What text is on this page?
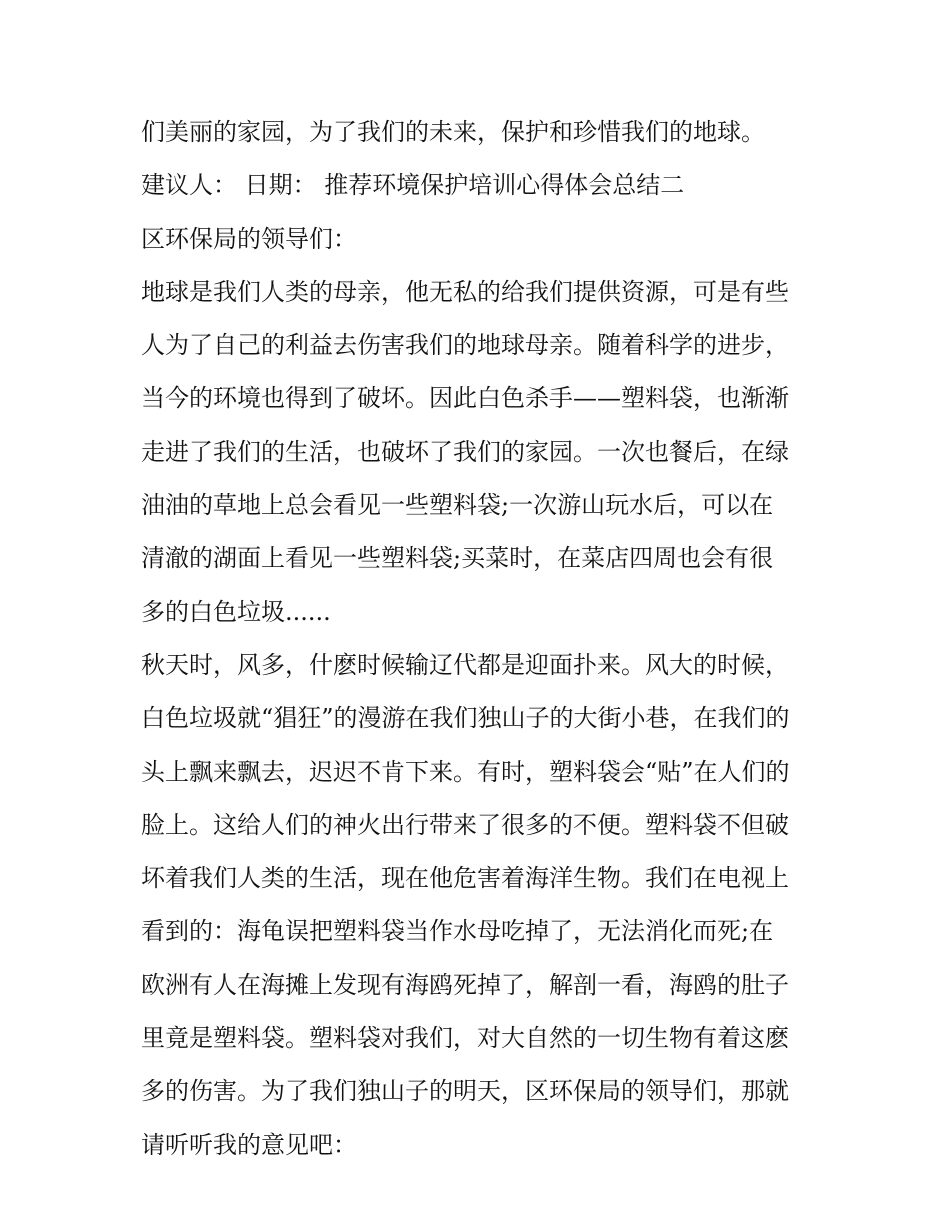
们美丽的家园，为了我们的未来，保护和珍惜我们的地球。
建议人： 日期： 推荐环境保护培训心得体会总结二
区环保局的领导们：
地球是我们人类的母亲，他无私的给我们提供资源，可是有些
人为了自己的利益去伤害我们的地球母亲。随着科学的进步，
当今的环境也得到了破坏。因此白色杀手——塑料袋，也渐渐
走进了我们的生活，也破坏了我们的家园。一次也餐后，在绿
油油的草地上总会看见一些塑料袋;一次游山玩水后，可以在
清澈的湖面上看见一些塑料袋;买菜时，在菜店四周也会有很
多的白色垃圾......
秋天时，风多，什麽时候输辽代都是迎面扑来。风大的时候，
白色垃圾就“猖狂”的漫游在我们独山子的大街小巷，在我们的
头上飘来飘去，迟迟不肯下来。有时，塑料袋会“贴”在人们的
脸上。这给人们的神火出行带来了很多的不便。塑料袋不但破
坏着我们人类的生活，现在他危害着海洋生物。我们在电视上
看到的：海龟误把塑料袋当作水母吃掉了，无法消化而死;在
欧洲有人在海摊上发现有海鸥死掉了，解剖一看，海鸥的肚子
里竟是塑料袋。塑料袋对我们，对大自然的一切生物有着这麽
多的伤害。为了我们独山子的明天，区环保局的领导们，那就
请听听我的意见吧：
